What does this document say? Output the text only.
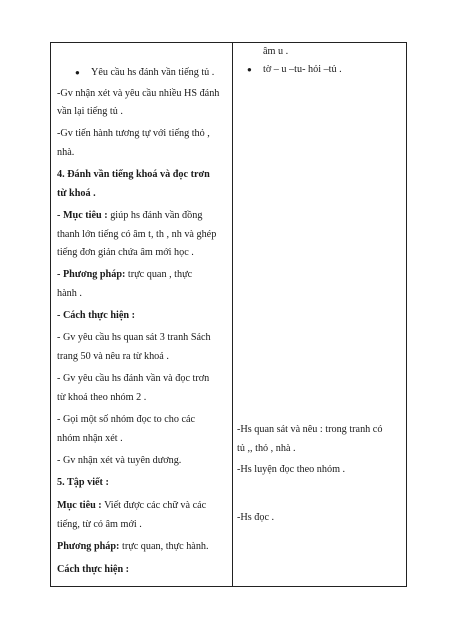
● Yêu cầu hs đánh vần tiếng tủ .
-Gv nhận xét và yêu cầu nhiều HS đánh
vần lại tiếng tủ .
-Gv tiến hành tương tự với tiếng thỏ ,
nhà.
4. Đánh vần tiếng khoá và đọc trơn
từ khoá .
- Mục tiêu : giúp hs đánh vần đồng
thanh lớn tiếng có âm t, th , nh và ghép
tiếng đơn giản chứa âm mới học .
- Phương pháp: trực quan , thực
hành .
- Cách thực hiện :
- Gv yêu cầu hs quan sát 3 tranh Sách
trang 50 và nêu ra từ khoá .
- Gv yêu cầu hs đánh vần và đọc trơn
từ khoá theo nhóm 2 .
- Gọi một số nhóm đọc to cho các
nhóm nhận xét .
- Gv nhận xét và tuyên dương.
5. Tập viết :
Mục tiêu : Viết được các chữ và các
tiếng, từ có âm mới .
Phương pháp: trực quan, thực hành.
Cách thực hiện :
âm u .
● tờ – u –tu- hỏi –tủ .
-Hs quan sát và nêu : trong tranh có
tủ ,, thỏ , nhà .
-Hs luyện đọc theo nhóm .
-Hs đọc .
